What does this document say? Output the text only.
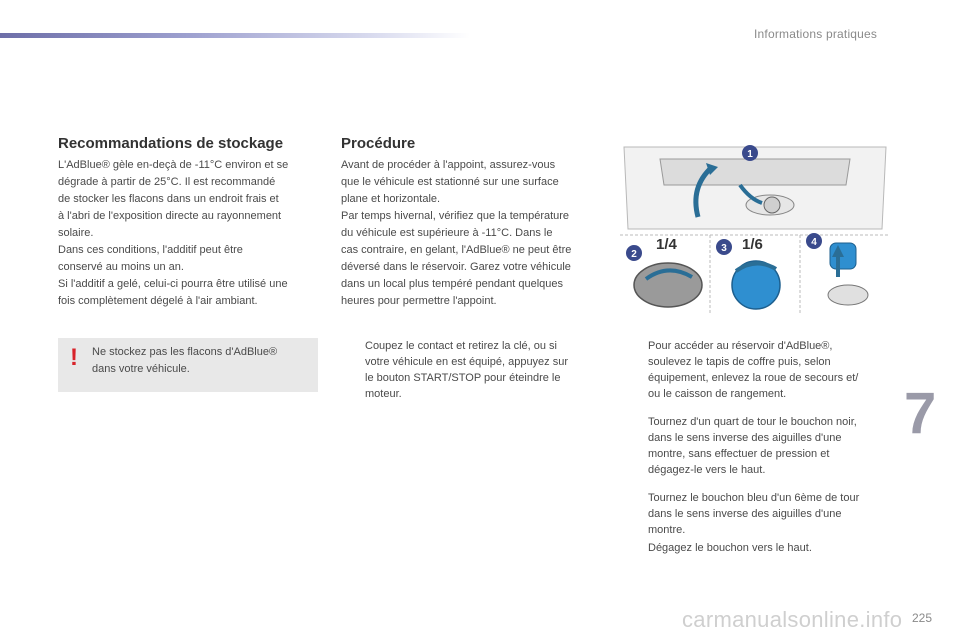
Informations pratiques
Recommandations de stockage

L'AdBlue® gèle en-deçà de -11°C environ et se

dégrade à partir de 25°C. Il est recommandé

de stocker les flacons dans un endroit frais et

à l'abri de l'exposition directe au rayonnement

solaire.

Dans ces conditions, l'additif peut être

conservé au moins un an.

Si l'additif a gelé, celui-ci pourra être utilisé une

fois complètement dégelé à l'air ambiant.

! Ne stockez pas les flacons d'AdBlue®
dans votre véhicule.
Procédure

Avant de procéder à l'appoint, assurez-vous

que le véhicule est stationné sur une surface

plane et horizontale.

Par temps hivernal, vérifiez que la température

du véhicule est supérieure à -11°C. Dans le

cas contraire, en gelant, l'AdBlue® ne peut être

déversé dans le réservoir. Garez votre véhicule

dans un local plus tempéré pendant quelques

heures pour permettre l'appoint.

Coupez le contact et retirez la clé, ou si
votre véhicule en est équipé, appuyez sur
le bouton START/STOP pour éteindre le
moteur.
1
2
1/4	3 1/6	4
Pour accéder au réservoir d'AdBlue®,
soulevez le tapis de coffre puis, selon
équipement, enlevez la roue de secours et/
ou le caisson de rangement.
Tournez d'un quart de tour le bouchon noir,
dans le sens inverse des aiguilles d'une
montre, sans effectuer de pression et
dégagez-le vers le haut.
Tournez le bouchon bleu d'un 6ème de tour
dans le sens inverse des aiguilles d'une
montre.
Dégagez le bouchon vers le haut.
7
carmanualsonline.info 225
